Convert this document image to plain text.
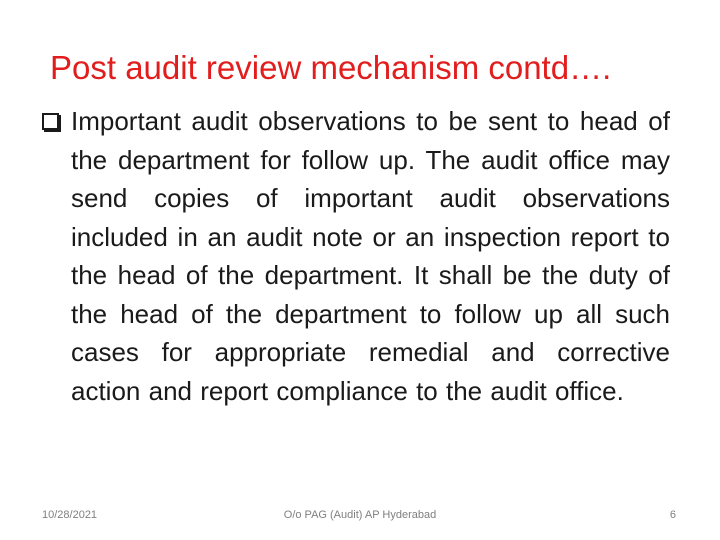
Post audit review mechanism contd….

Important audit observations to be sent to head of the department for follow up. The audit office may send copies of important audit observations included in an audit note or an inspection report to the head of the department. It shall be the duty of the head of the department to follow up all such cases for appropriate remedial and corrective action and report compliance to the audit office.

10/28/2021	O/o PAG (Audit) AP Hyderabad	6
